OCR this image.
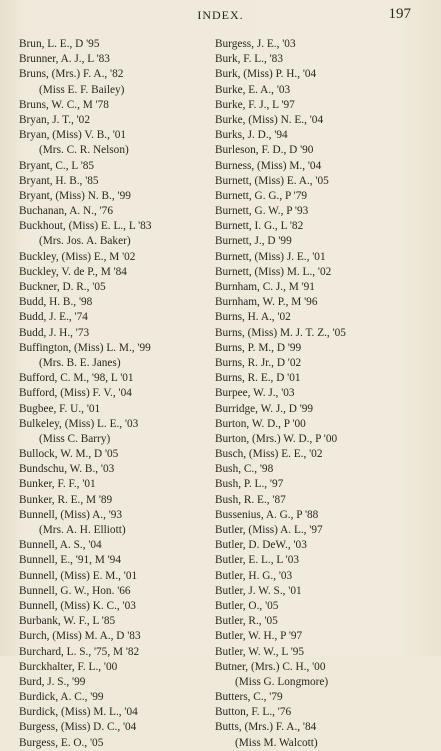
INDEX.	197
Brun, L. E., D '95
Brunner, A. J., L '83
Bruns, (Mrs.) F. A., '82
(Miss E. F. Bailey)
Bruns, W. C., M '78
Bryan, J. T., '02
Bryan, (Miss) V. B., '01
(Mrs. C. R. Nelson)
Bryant, C., L '85
Bryant, H. B., '85
Bryant, (Miss) N. B., '99
Buchanan, A. N., '76
Buckhout, (Miss) E. L., L '83
(Mrs. Jos. A. Baker)
Buckley, (Miss) E., M '02
Buckley, V. de P., M '84
Buckner, D. R., '05
Budd, H. B., '98
Budd, J. E., '74
Budd, J. H., '73
Buffington, (Miss) L. M., '99
(Mrs. B. E. Janes)
Bufford, C. M., '98, L '01
Bufford, (Miss) F. V., '04
Bugbee, F. U., '01
Bulkeley, (Miss) L. E., '03
(Miss C. Barry)
Bullock, W. M., D '05
Bundschu, W. B., '03
Bunker, F. F., '01
Bunker, R. E., M '89
Bunnell, (Miss) A., '93
(Mrs. A. H. Elliott)
Bunnell, A. S., '04
Bunnell, E., '91, M '94
Bunnell, (Miss) E. M., '01
Bunnell, G. W., Hon. '66
Bunnell, (Miss) K. C., '03
Burbank, W. F., L '85
Burch, (Miss) M. A., D '83
Burchard, L. S., '75, M '82
Burckhalter, F. L., '00
Burd, J. S., '99
Burdick, A. C., '99
Burdick, (Miss) M. L., '04
Burgess, (Miss) D. C., '04
Burgess, E. O., '05
Burgess, J. E., '03
Burk, F. L., '83
Burk, (Miss) P. H., '04
Burke, E. A., '03
Burke, F. J., L '97
Burke, (Miss) N. E., '04
Burks, J. D., '94
Burleson, F. D., D '90
Burness, (Miss) M., '04
Burnett, (Miss) E. A., '05
Burnett, G. G., P '79
Burnett, G. W., P '93
Burnett, I. G., L '82
Burnett, J., D '99
Burnett, (Miss) J. E., '01
Burnett, (Miss) M. L., '02
Burnham, C. J., M '91
Burnham, W. P., M '96
Burns, H. A., '02
Burns, (Miss) M. J. T. Z., '05
Burns, P. M., D '99
Burns, R. Jr., D '02
Burns, R. E., D '01
Burpee, W. J., '03
Burridge, W. J., D '99
Burton, W. D., P '00
Burton, (Mrs.) W. D., P '00
Busch, (Miss) E. E., '02
Bush, C., '98
Bush, P. L., '97
Bush, R. E., '87
Bussenius, A. G., P '88
Butler, (Miss) A. L., '97
Butler, D. DeW., '03
Butler, E. L., L '03
Butler, H. G., '03
Butler, J. W. S., '01
Butler, O., '05
Butler, R., '05
Butler, W. H., P '97
Butler, W. W., L '95
Butner, (Mrs.) C. H., '00
(Miss G. Longmore)
Butters, C., '79
Button, F. L., '76
Butts, (Mrs.) F. A., '84
(Miss M. Walcott)
